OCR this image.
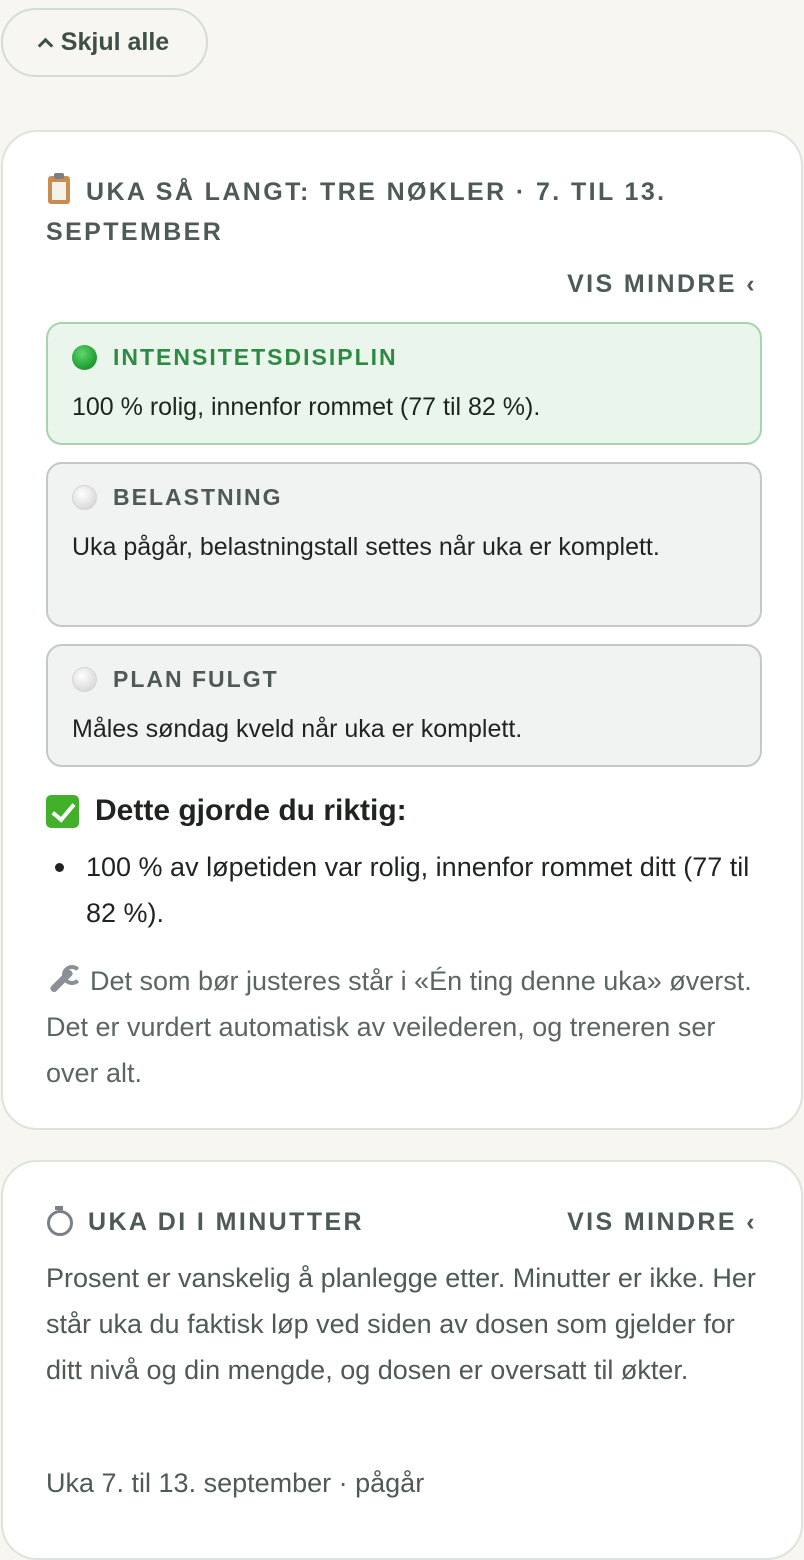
Skjul alle
UKA SÅ LANGT: TRE NØKLER · 7. TIL 13. SEPTEMBER
VIS MINDRE ‹
INTENSITETSDISIPLIN
100 % rolig, innenfor rommet (77 til 82 %).
BELASTNING
Uka pågår, belastningstall settes når uka er komplett.
PLAN FULGT
Måles søndag kveld når uka er komplett.
Dette gjorde du riktig:
100 % av løpetiden var rolig, innenfor rommet ditt (77 til 82 %).
Det som bør justeres står i «Én ting denne uka» øverst. Det er vurdert automatisk av veilederen, og treneren ser over alt.
UKA DI I MINUTTER	VIS MINDRE ‹
Prosent er vanskelig å planlegge etter. Minutter er ikke. Her står uka du faktisk løp ved siden av dosen som gjelder for ditt nivå og din mengde, og dosen er oversatt til økter.
Uka 7. til 13. september · pågår
